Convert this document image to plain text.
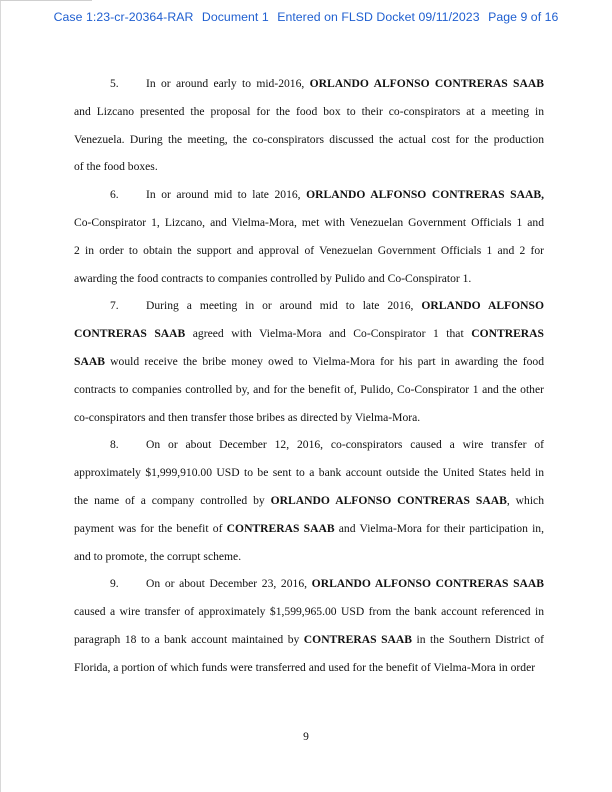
Case 1:23-cr-20364-RAR Document 1 Entered on FLSD Docket 09/11/2023 Page 9 of 16
5. In or around early to mid-2016, ORLANDO ALFONSO CONTRERAS SAAB
and Lizcano presented the proposal for the food box to their co-conspirators at a meeting in
Venezuela. During the meeting, the co-conspirators discussed the actual cost for the production
of the food boxes.
6. In or around mid to late 2016, ORLANDO ALFONSO CONTRERAS SAAB,
Co-Conspirator 1, Lizcano, and Vielma-Mora, met with Venezuelan Government Officials 1 and
2 in order to obtain the support and approval of Venezuelan Government Officials 1 and 2 for
awarding the food contracts to companies controlled by Pulido and Co-Conspirator 1.
7. During a meeting in or around mid to late 2016, ORLANDO ALFONSO
CONTRERAS SAAB agreed with Vielma-Mora and Co-Conspirator 1 that CONTRERAS
SAAB would receive the bribe money owed to Vielma-Mora for his part in awarding the food
contracts to companies controlled by, and for the benefit of, Pulido, Co-Conspirator 1 and the other
co-conspirators and then transfer those bribes as directed by Vielma-Mora.
8. On or about December 12, 2016, co-conspirators caused a wire transfer of
approximately $1,999,910.00 USD to be sent to a bank account outside the United States held in
the name of a company controlled by ORLANDO ALFONSO CONTRERAS SAAB, which
payment was for the benefit of CONTRERAS SAAB and Vielma-Mora for their participation in,
and to promote, the corrupt scheme.
9. On or about December 23, 2016, ORLANDO ALFONSO CONTRERAS SAAB
caused a wire transfer of approximately $1,599,965.00 USD from the bank account referenced in
paragraph 18 to a bank account maintained by CONTRERAS SAAB in the Southern District of
Florida, a portion of which funds were transferred and used for the benefit of Vielma-Mora in order
9
